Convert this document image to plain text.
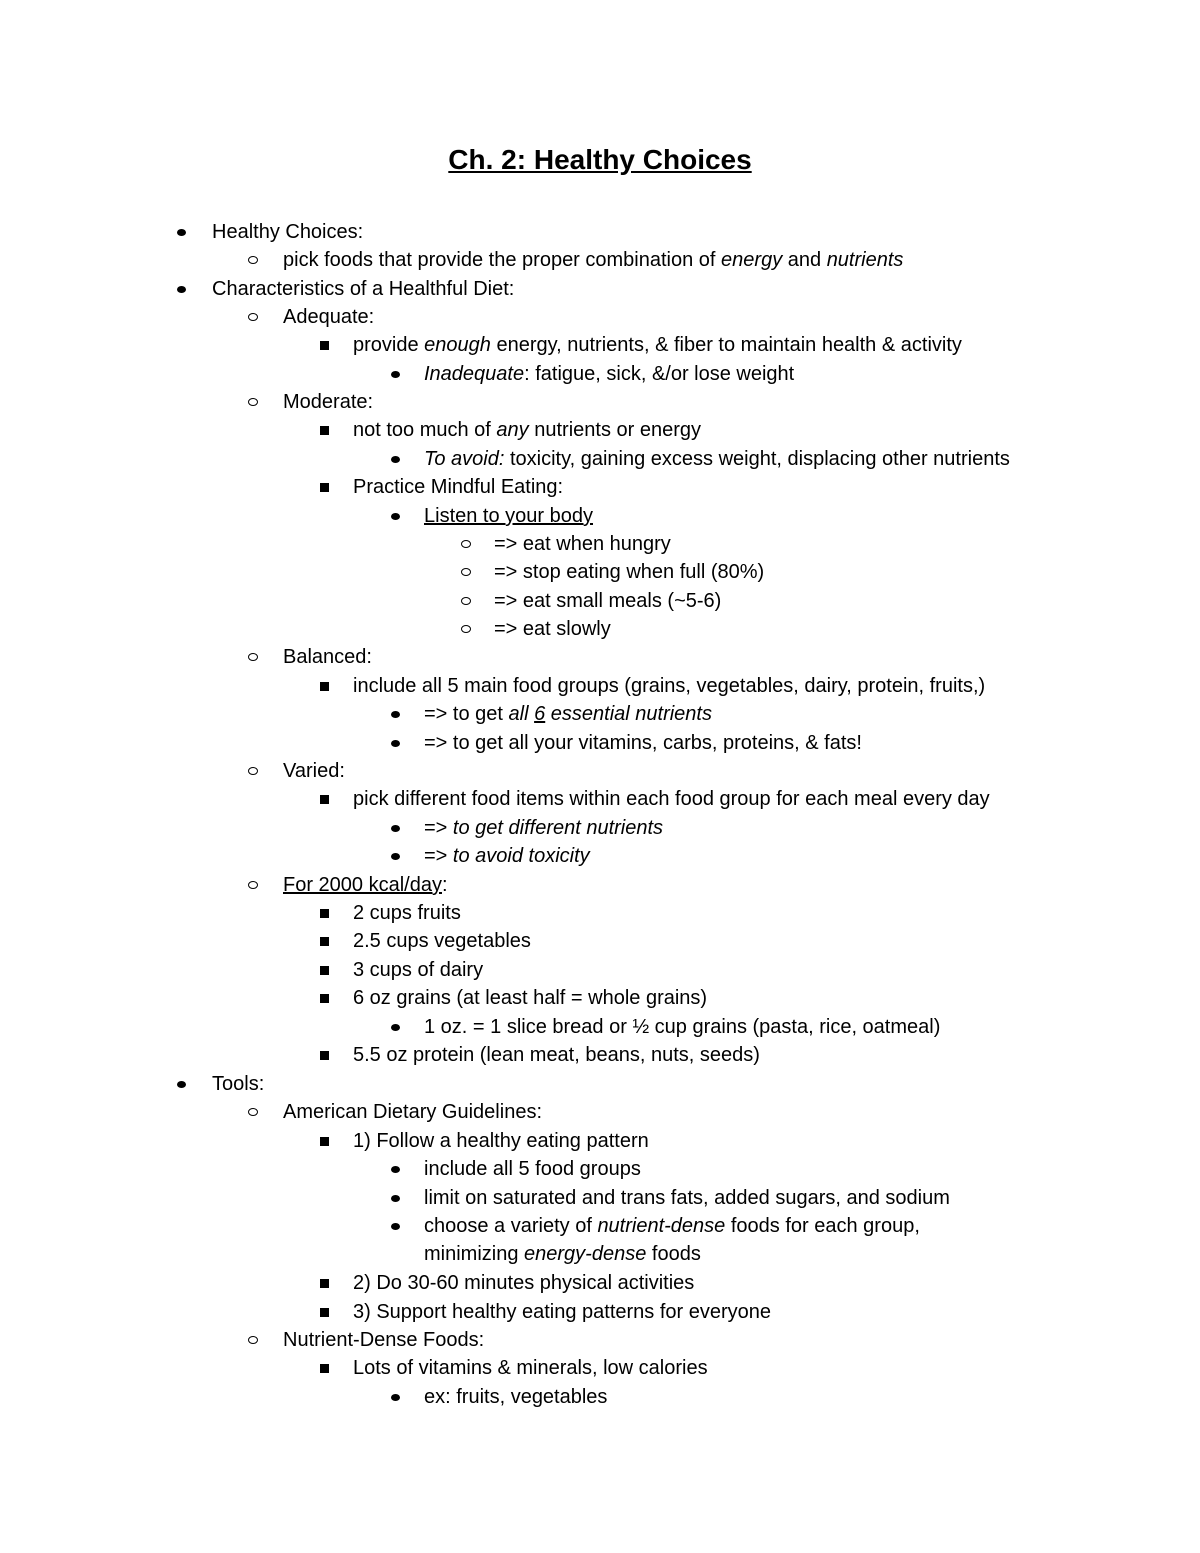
Ch. 2: Healthy Choices
Healthy Choices:
pick foods that provide the proper combination of energy and nutrients
Characteristics of a Healthful Diet:
Adequate:
provide enough energy, nutrients, & fiber to maintain health & activity
Inadequate: fatigue, sick, &/or lose weight
Moderate:
not too much of any nutrients or energy
To avoid: toxicity, gaining excess weight, displacing other nutrients
Practice Mindful Eating:
Listen to your body
=> eat when hungry
=> stop eating when full (80%)
=> eat small meals (~5-6)
=> eat slowly
Balanced:
include all 5 main food groups (grains, vegetables, dairy, protein, fruits,)
=> to get all 6 essential nutrients
=> to get all your vitamins, carbs, proteins, & fats!
Varied:
pick different food items within each food group for each meal every day
=> to get different nutrients
=> to avoid toxicity
For 2000 kcal/day:
2 cups fruits
2.5 cups vegetables
3 cups of dairy
6 oz grains (at least half = whole grains)
1 oz. = 1 slice bread or ½ cup grains (pasta, rice, oatmeal)
5.5 oz protein (lean meat, beans, nuts, seeds)
Tools:
American Dietary Guidelines:
1) Follow a healthy eating pattern
include all 5 food groups
limit on saturated and trans fats, added sugars, and sodium
choose a variety of nutrient-dense foods for each group,
minimizing energy-dense foods
2) Do 30-60 minutes physical activities
3) Support healthy eating patterns for everyone
Nutrient-Dense Foods:
Lots of vitamins & minerals, low calories
ex: fruits, vegetables
